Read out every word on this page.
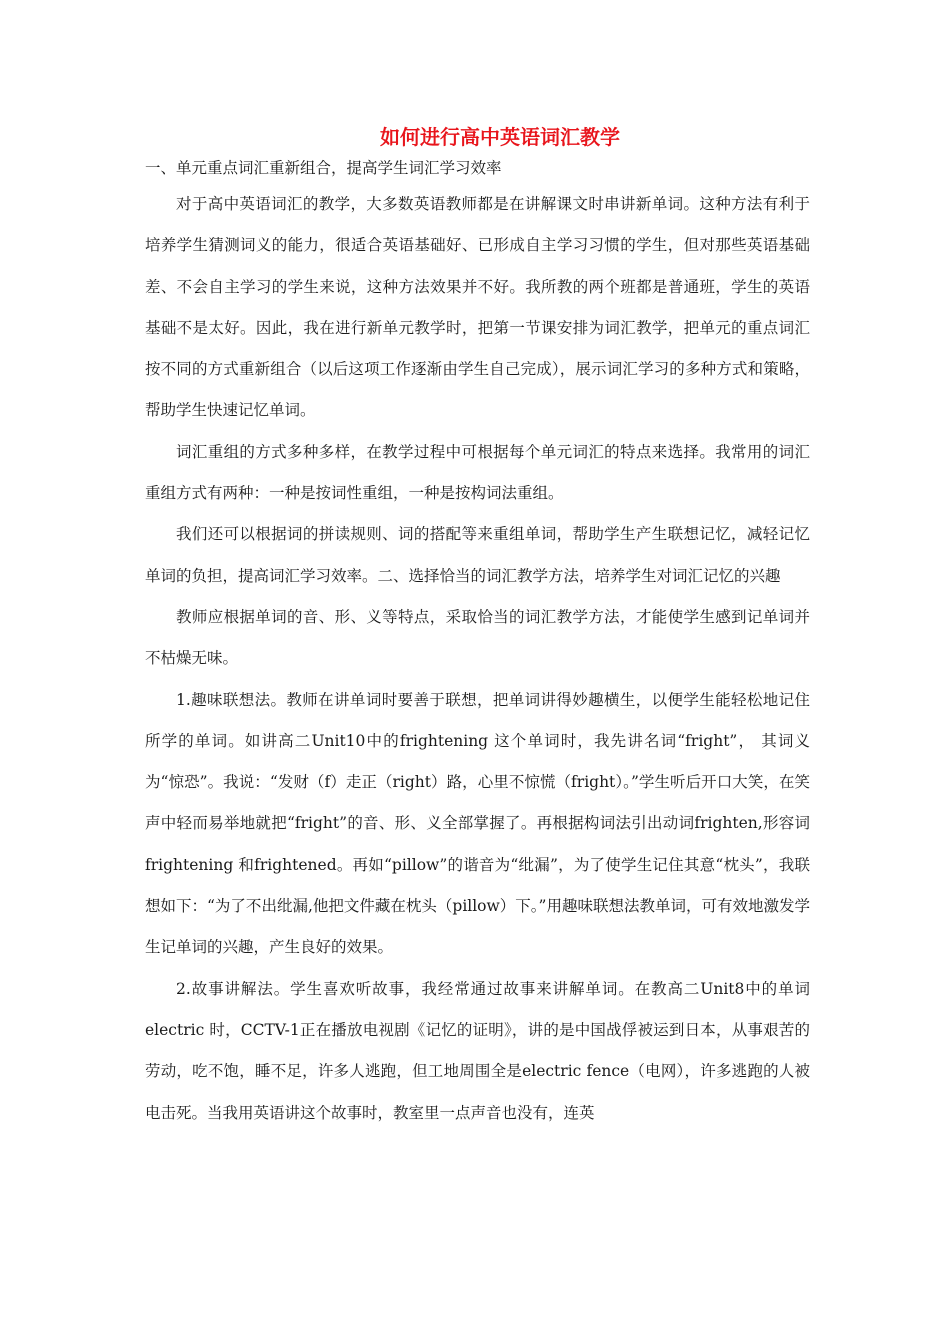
如何进行高中英语词汇教学

一、单元重点词汇重新组合，提高学生词汇学习效率

对于高中英语词汇的教学，大多数英语教师都是在讲解课文时串讲新单词。这种方法有利于培养学生猜测词义的能力，很适合英语基础好、已形成自主学习习惯的学生，但对那些英语基础差、不会自主学习的学生来说，这种方法效果并不好。我所教的两个班都是普通班，学生的英语基础不是太好。因此，我在进行新单元教学时，把第一节课安排为词汇教学，把单元的重点词汇按不同的方式重新组合（以后这项工作逐渐由学生自己完成），展示词汇学习的多种方式和策略，帮助学生快速记忆单词。

词汇重组的方式多种多样，在教学过程中可根据每个单元词汇的特点来选择。我常用的词汇重组方式有两种：一种是按词性重组，一种是按构词法重组。

我们还可以根据词的拼读规则、词的搭配等来重组单词，帮助学生产生联想记忆，减轻记忆单词的负担，提高词汇学习效率。二、选择恰当的词汇教学方法，培养学生对词汇记忆的兴趣

教师应根据单词的音、形、义等特点，采取恰当的词汇教学方法，才能使学生感到记单词并不枯燥无味。

1.趣味联想法。教师在讲单词时要善于联想，把单词讲得妙趣横生，以便学生能轻松地记住所学的单词。如讲高二Unit10中的frightening 这个单词时，我先讲名词“fright”， 其词义为“惊恐”。我说：“发财（f）走正（right）路，心里不惊慌（fright）。”学生听后开口大笑，在笑声中轻而易举地就把“fright”的音、形、义全部掌握了。再根据构词法引出动词frighten,形容词frightening 和frightened。再如“pillow”的谐音为“纰漏”，为了使学生记住其意“枕头”，我联想如下：“为了不出纰漏,他把文件藏在枕头（pillow）下。”用趣味联想法教单词，可有效地激发学生记单词的兴趣，产生良好的效果。

2.故事讲解法。学生喜欢听故事，我经常通过故事来讲解单词。在教高二Unit8中的单词electric 时，CCTV-1正在播放电视剧《记忆的证明》，讲的是中国战俘被运到日本，从事艰苦的劳动，吃不饱，睡不足，许多人逃跑，但工地周围全是electric fence（电网），许多逃跑的人被电击死。当我用英语讲这个故事时，教室里一点声音也没有，连英
